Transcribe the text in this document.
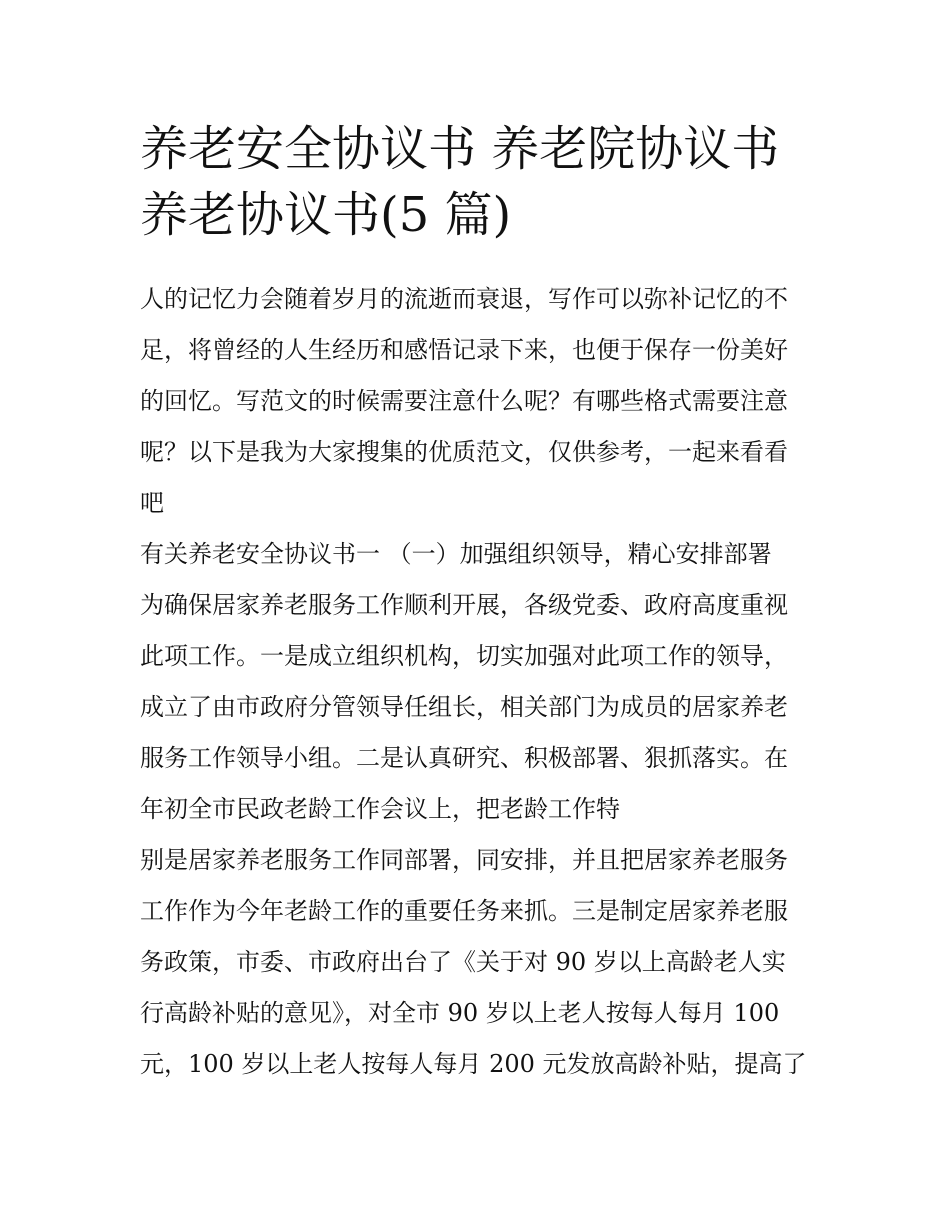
养老安全协议书 养老院协议书
养老协议书(5 篇)
人的记忆力会随着岁月的流逝而衰退，写作可以弥补记忆的不
足，将曾经的人生经历和感悟记录下来，也便于保存一份美好
的回忆。写范文的时候需要注意什么呢？有哪些格式需要注意
呢？以下是我为大家搜集的优质范文，仅供参考，一起来看看
吧
有关养老安全协议书一 （一）加强组织领导，精心安排部署
为确保居家养老服务工作顺利开展，各级党委、政府高度重视
此项工作。一是成立组织机构，切实加强对此项工作的领导，
成立了由市政府分管领导任组长，相关部门为成员的居家养老
服务工作领导小组。二是认真研究、积极部署、狠抓落实。在
年初全市民政老龄工作会议上，把老龄工作特
别是居家养老服务工作同部署，同安排，并且把居家养老服务
工作作为今年老龄工作的重要任务来抓。三是制定居家养老服
务政策，市委、市政府出台了《关于对 90 岁以上高龄老人实
行高龄补贴的意见》，对全市 90 岁以上老人按每人每月 100
元，100 岁以上老人按每人每月 200 元发放高龄补贴，提高了
